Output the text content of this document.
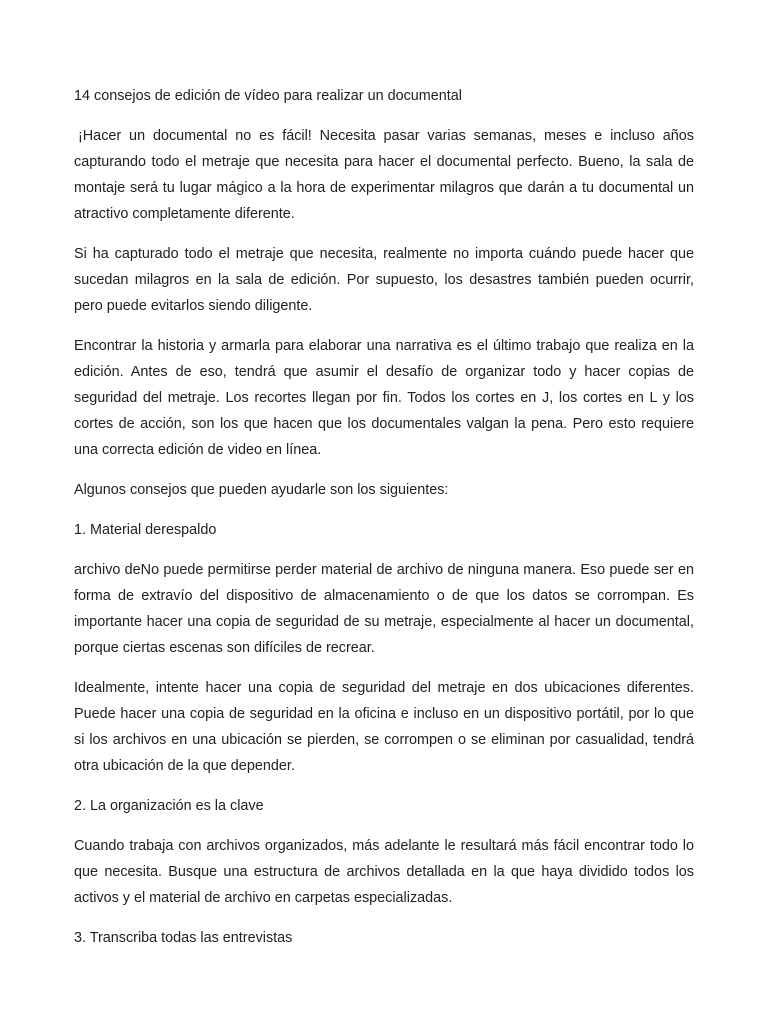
14 consejos de edición de vídeo para realizar un documental

¡Hacer un documental no es fácil! Necesita pasar varias semanas, meses e incluso años capturando todo el metraje que necesita para hacer el documental perfecto. Bueno, la sala de montaje será tu lugar mágico a la hora de experimentar milagros que darán a tu documental un atractivo completamente diferente.

Si ha capturado todo el metraje que necesita, realmente no importa cuándo puede hacer que sucedan milagros en la sala de edición. Por supuesto, los desastres también pueden ocurrir, pero puede evitarlos siendo diligente.

Encontrar la historia y armarla para elaborar una narrativa es el último trabajo que realiza en la edición. Antes de eso, tendrá que asumir el desafío de organizar todo y hacer copias de seguridad del metraje. Los recortes llegan por fin. Todos los cortes en J, los cortes en L y los cortes de acción, son los que hacen que los documentales valgan la pena. Pero esto requiere una correcta edición de video en línea.

Algunos consejos que pueden ayudarle son los siguientes:

1. Material derespaldo

archivo deNo puede permitirse perder material de archivo de ninguna manera. Eso puede ser en forma de extravío del dispositivo de almacenamiento o de que los datos se corrompan. Es importante hacer una copia de seguridad de su metraje, especialmente al hacer un documental, porque ciertas escenas son difíciles de recrear.

Idealmente, intente hacer una copia de seguridad del metraje en dos ubicaciones diferentes. Puede hacer una copia de seguridad en la oficina e incluso en un dispositivo portátil, por lo que si los archivos en una ubicación se pierden, se corrompen o se eliminan por casualidad, tendrá otra ubicación de la que depender.

2. La organización es la clave

Cuando trabaja con archivos organizados, más adelante le resultará más fácil encontrar todo lo que necesita. Busque una estructura de archivos detallada en la que haya dividido todos los activos y el material de archivo en carpetas especializadas.

3. Transcriba todas las entrevistas
